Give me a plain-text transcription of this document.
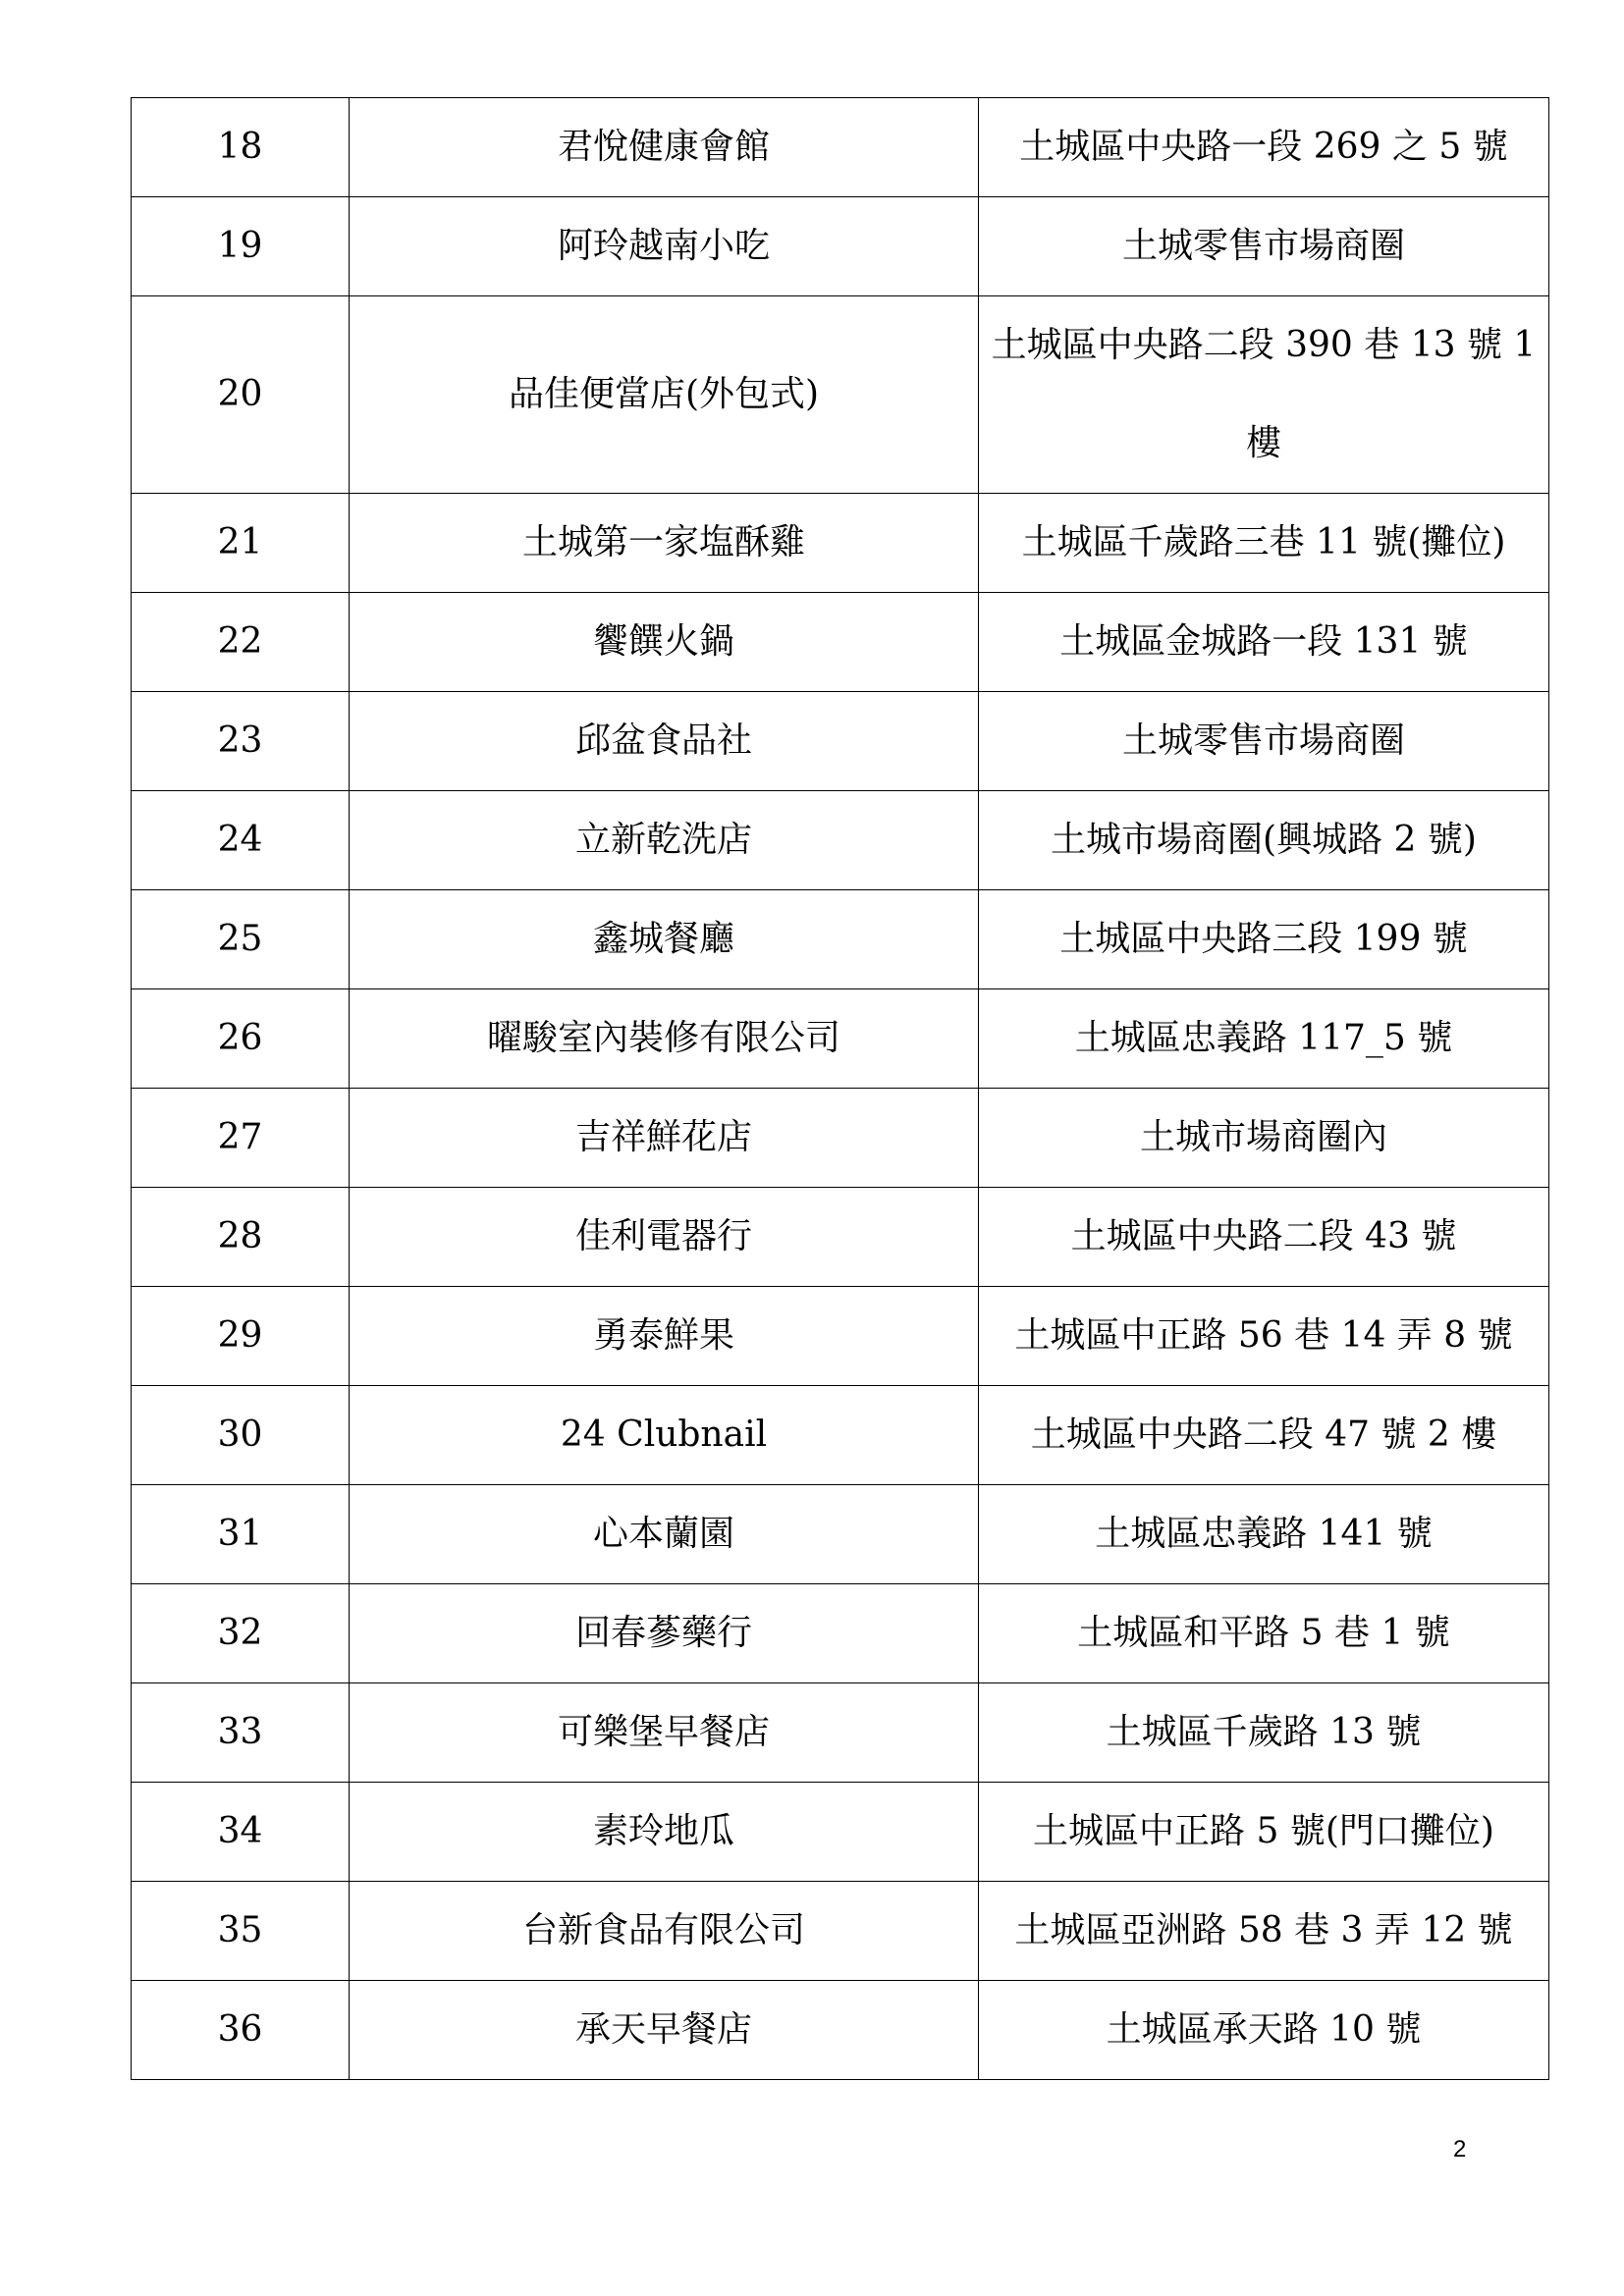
18	君悅健康會館	土城區中央路一段 269 之 5 號
19	阿玲越南小吃	土城零售市場商圈
20	品佳便當店(外包式)	土城區中央路二段 390 巷 13 號 1 樓
21	土城第一家塩酥雞	土城區千歲路三巷 11 號(攤位)
22	饗饌火鍋	土城區金城路一段 131 號
23	邱盆食品社	土城零售市場商圈
24	立新乾洗店	土城市場商圈(興城路 2 號)
25	鑫城餐廳	土城區中央路三段 199 號
26	曜駿室內裝修有限公司	土城區忠義路 117_5 號
27	吉祥鮮花店	土城市場商圈內
28	佳利電器行	土城區中央路二段 43 號
29	勇泰鮮果	土城區中正路 56 巷 14 弄 8 號
30	24 Clubnail	土城區中央路二段 47 號 2 樓
31	心本蘭園	土城區忠義路 141 號
32	回春蔘藥行	土城區和平路 5 巷 1 號
33	可樂堡早餐店	土城區千歲路 13 號
34	素玲地瓜	土城區中正路 5 號(門口攤位)
35	台新食品有限公司	土城區亞洲路 58 巷 3 弄 12 號
36	承天早餐店	土城區承天路 10 號
2
